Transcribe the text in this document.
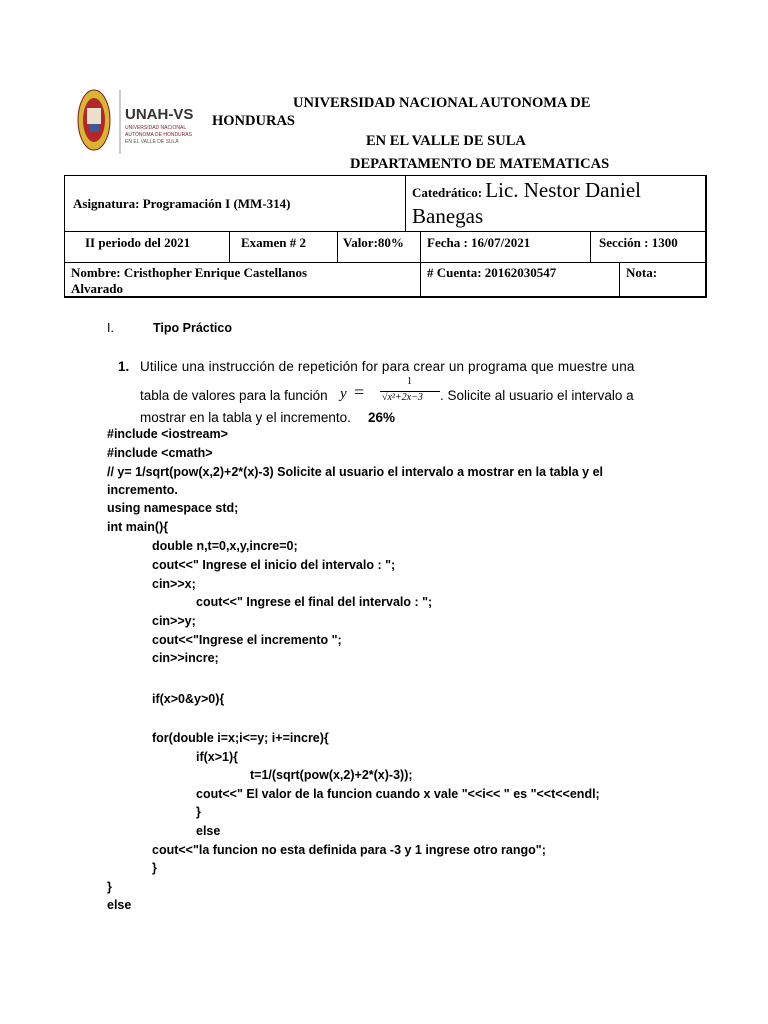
UNAH-VS
UNIVERSIDAD NACIONAL
AUTÓNOMA DE HONDURAS
EN EL VALLE DE SULA
UNIVERSIDAD NACIONAL AUTONOMA DE
HONDURAS
EN EL VALLE DE SULA
DEPARTAMENTO DE MATEMATICAS
Asignatura: Programación I (MM-314)
Catedrático: Lic. Nestor Daniel
Banegas
II periodo del 2021	Examen # 2	Valor:80% Fecha : 16/07/2021	Sección : 1300
Nombre: Cristhopher Enrique Castellanos
Alvarado
# Cuenta: 20162030547	Nota:
I.	Tipo Práctico
1. Utilice una instrucción de repetición for para crear un programa que muestre una
tabla de valores para la función y =
1
√x²+2x−3 . Solicite al usuario el intervalo a
mostrar en la tabla y el incremento. 26%
#include <iostream>
#include <cmath>
// y= 1/sqrt(pow(x,2)+2*(x)-3) Solicite al usuario el intervalo a mostrar en la tabla y el
incremento.
using namespace std;
int main(){
double n,t=0,x,y,incre=0;
cout<<" Ingrese el inicio del intervalo : ";
cin>>x;
cout<<" Ingrese el final del intervalo : ";
cin>>y;
cout<<"Ingrese el incremento ";
cin>>incre;
if(x>0&y>0){
for(double i=x;i<=y; i+=incre){
if(x>1){
t=1/(sqrt(pow(x,2)+2*(x)-3));
cout<<" El valor de la funcion cuando x vale "<<i<< " es "<<t<<endl;
}
else
cout<<"la funcion no esta definida para -3 y 1 ingrese otro rango";
}
}
else
